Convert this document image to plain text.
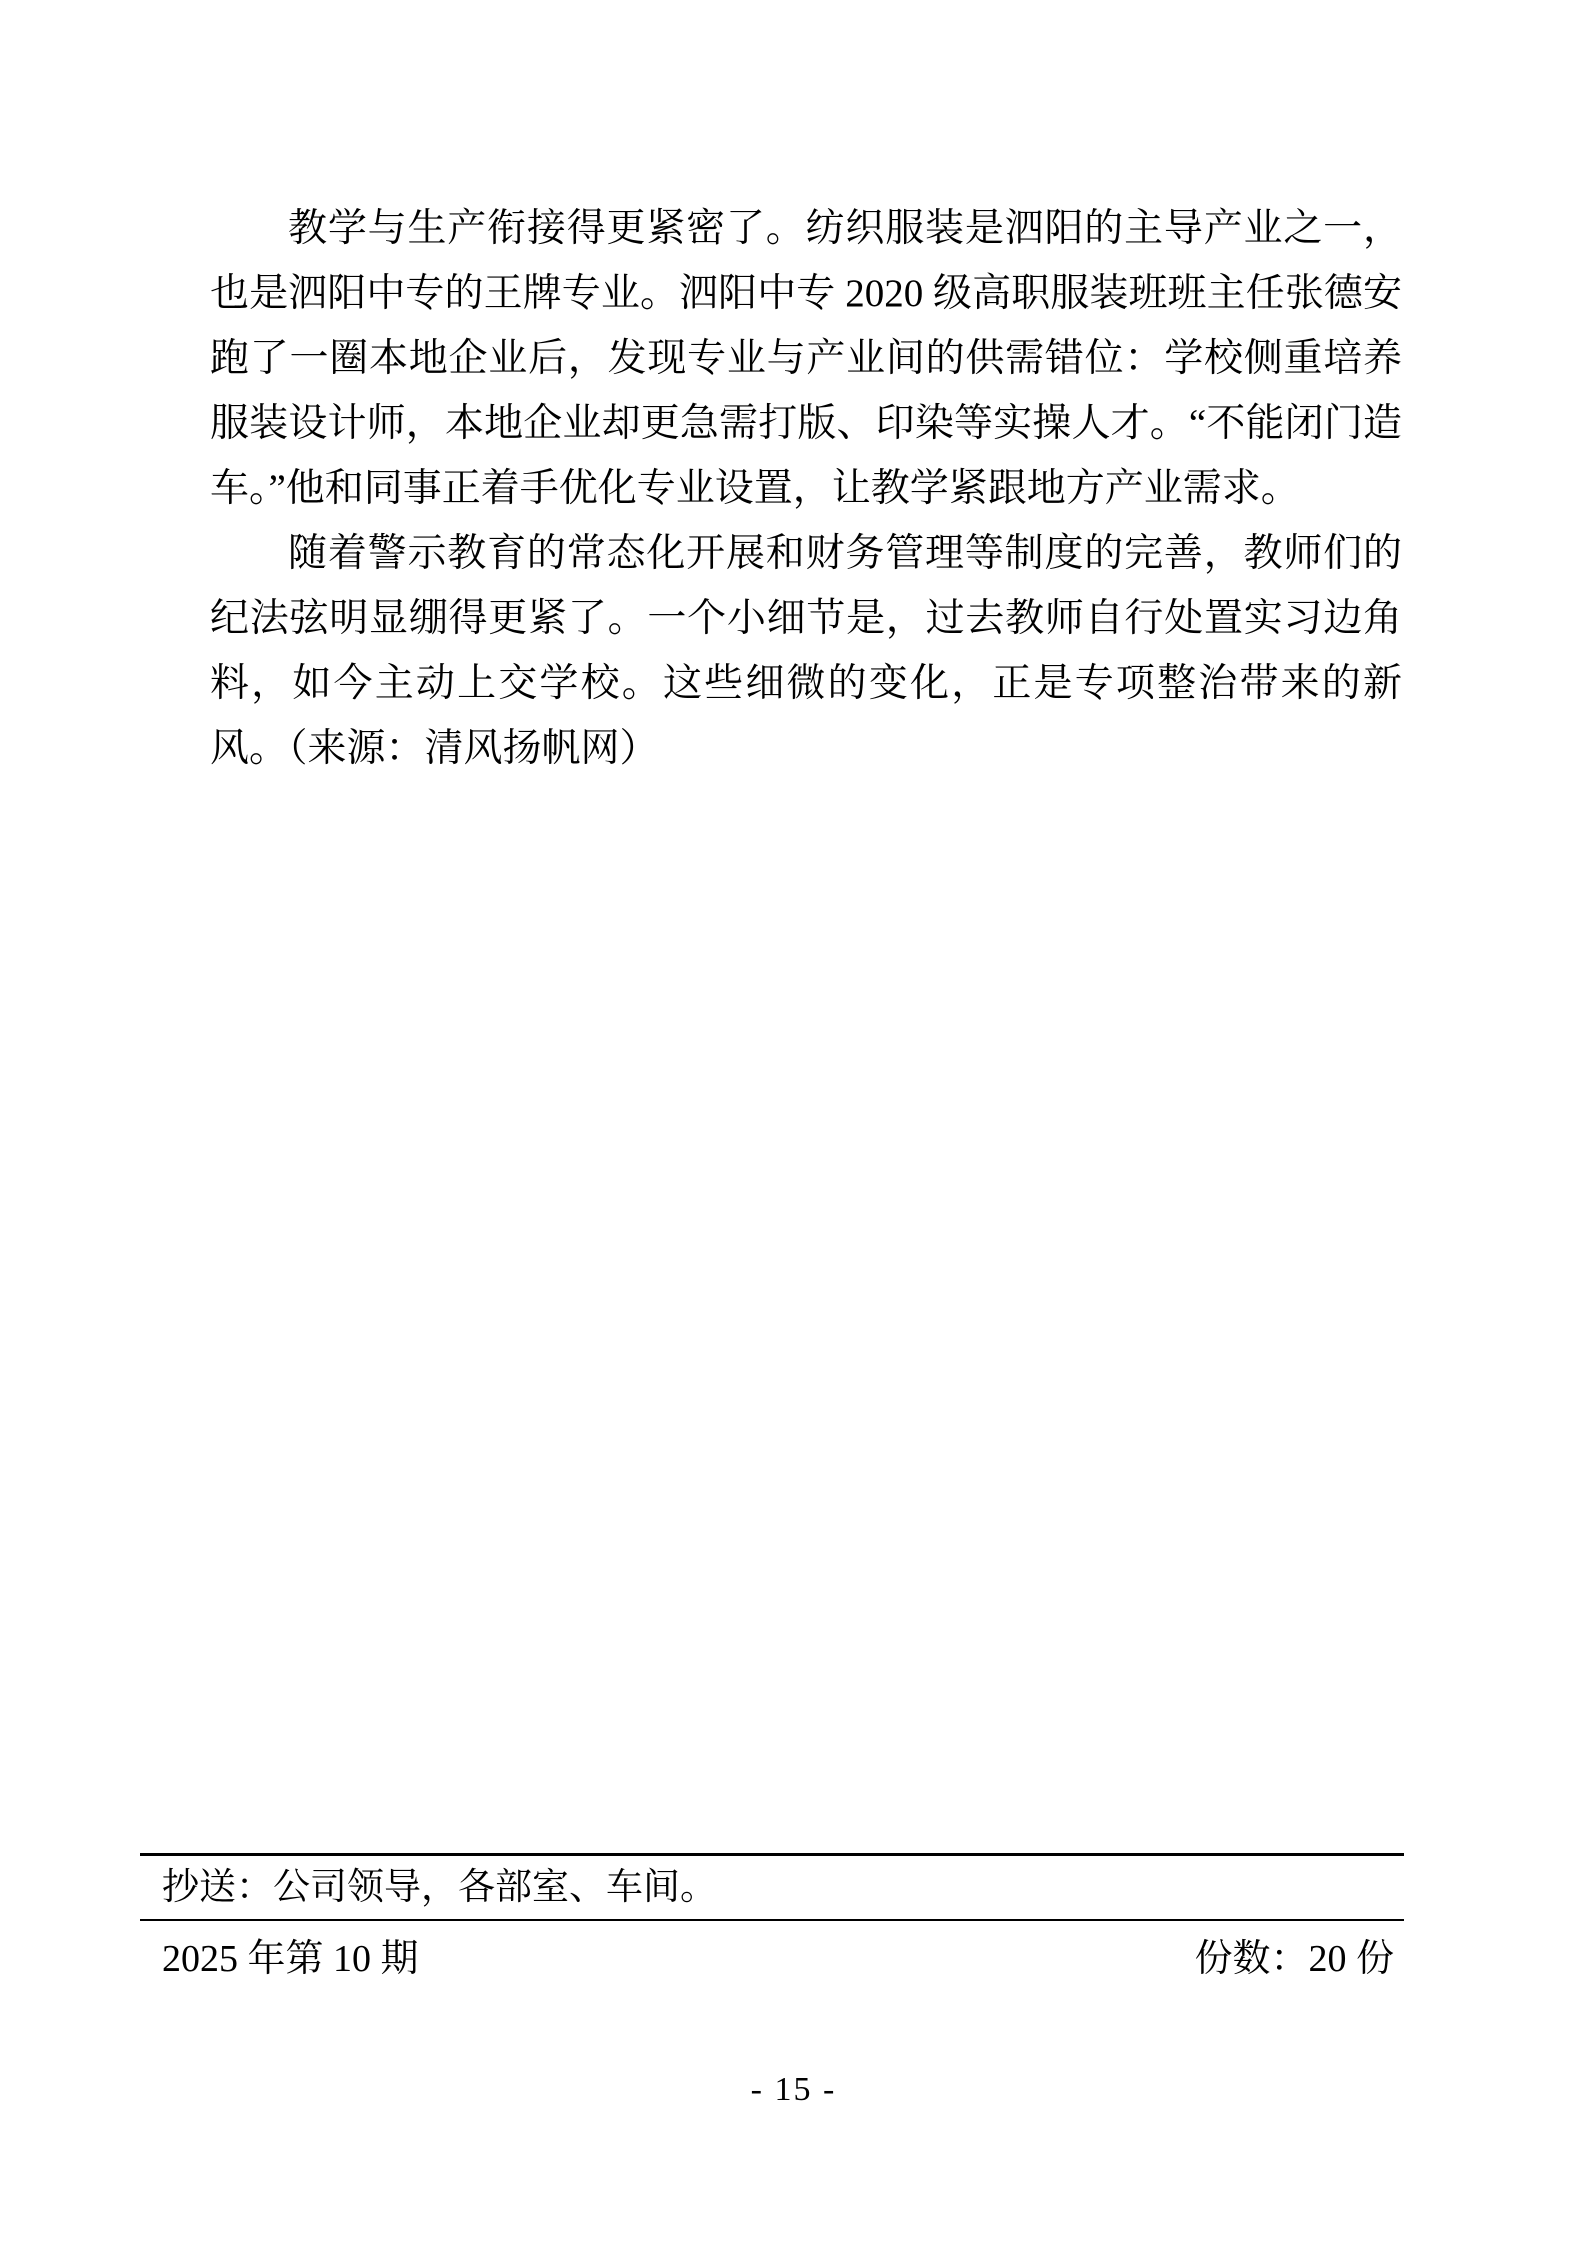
教学与生产衔接得更紧密了。纺织服装是泗阳的主导产业之一，也是泗阳中专的王牌专业。泗阳中专 2020 级高职服装班班主任张德安跑了一圈本地企业后，发现专业与产业间的供需错位：学校侧重培养服装设计师，本地企业却更急需打版、印染等实操人才。“不能闭门造车。”他和同事正着手优化专业设置，让教学紧跟地方产业需求。

随着警示教育的常态化开展和财务管理等制度的完善，教师们的纪法弦明显绷得更紧了。一个小细节是，过去教师自行处置实习边角料，如今主动上交学校。这些细微的变化，正是专项整治带来的新风。（来源：清风扬帆网）

抄送：公司领导，各部室、车间。
2025 年第 10 期	份数：20 份
- 15 -
